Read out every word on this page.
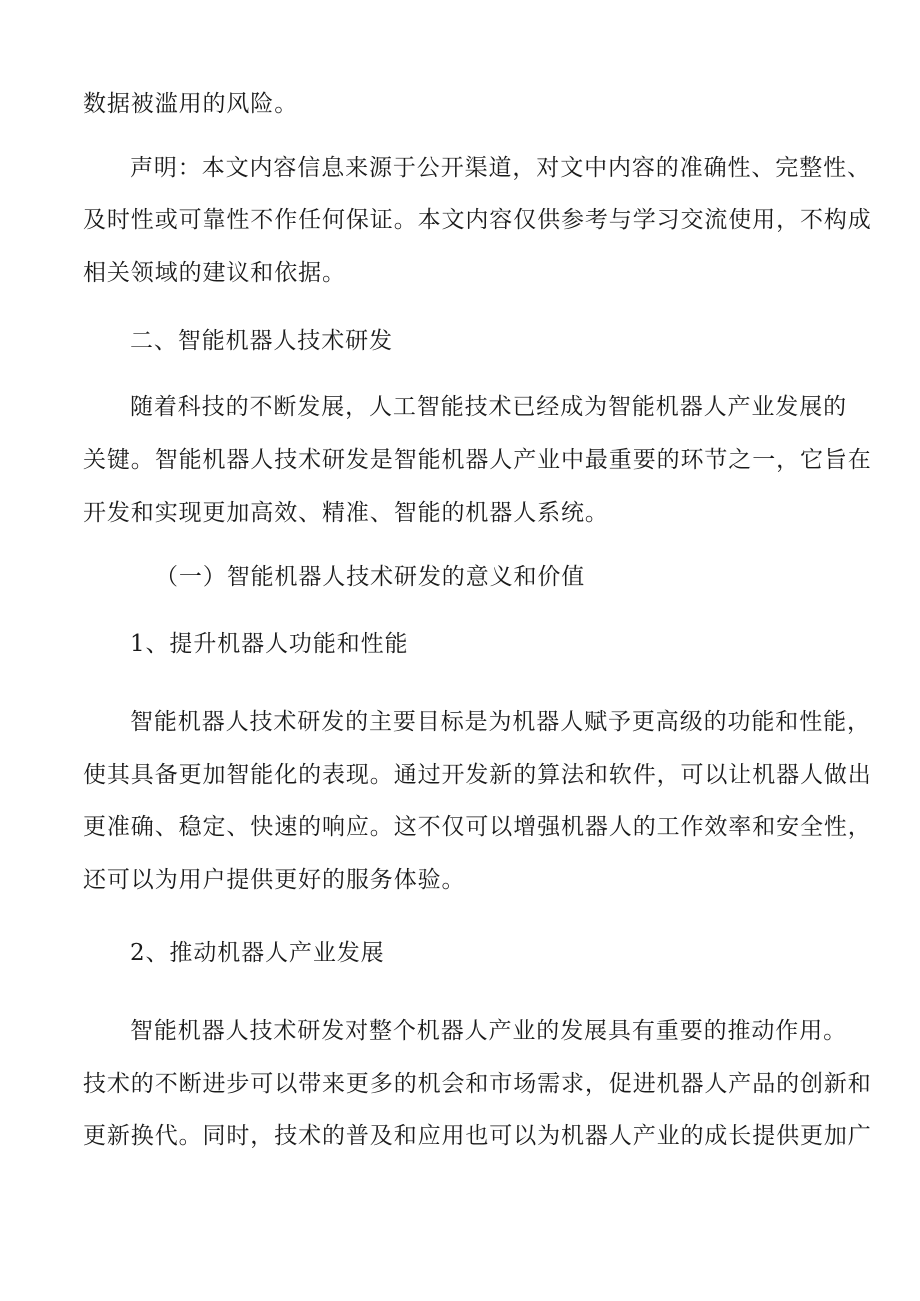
数据被滥用的风险。
声明：本文内容信息来源于公开渠道，对文中内容的准确性、完整性、
及时性或可靠性不作任何保证。本文内容仅供参考与学习交流使用，不构成
相关领域的建议和依据。
二、智能机器人技术研发
随着科技的不断发展，人工智能技术已经成为智能机器人产业发展的
关键。智能机器人技术研发是智能机器人产业中最重要的环节之一，它旨在
开发和实现更加高效、精准、智能的机器人系统。
（一）智能机器人技术研发的意义和价值
1、提升机器人功能和性能
智能机器人技术研发的主要目标是为机器人赋予更高级的功能和性能，
使其具备更加智能化的表现。通过开发新的算法和软件，可以让机器人做出
更准确、稳定、快速的响应。这不仅可以增强机器人的工作效率和安全性，
还可以为用户提供更好的服务体验。
2、推动机器人产业发展
智能机器人技术研发对整个机器人产业的发展具有重要的推动作用。
技术的不断进步可以带来更多的机会和市场需求，促进机器人产品的创新和
更新换代。同时，技术的普及和应用也可以为机器人产业的成长提供更加广
